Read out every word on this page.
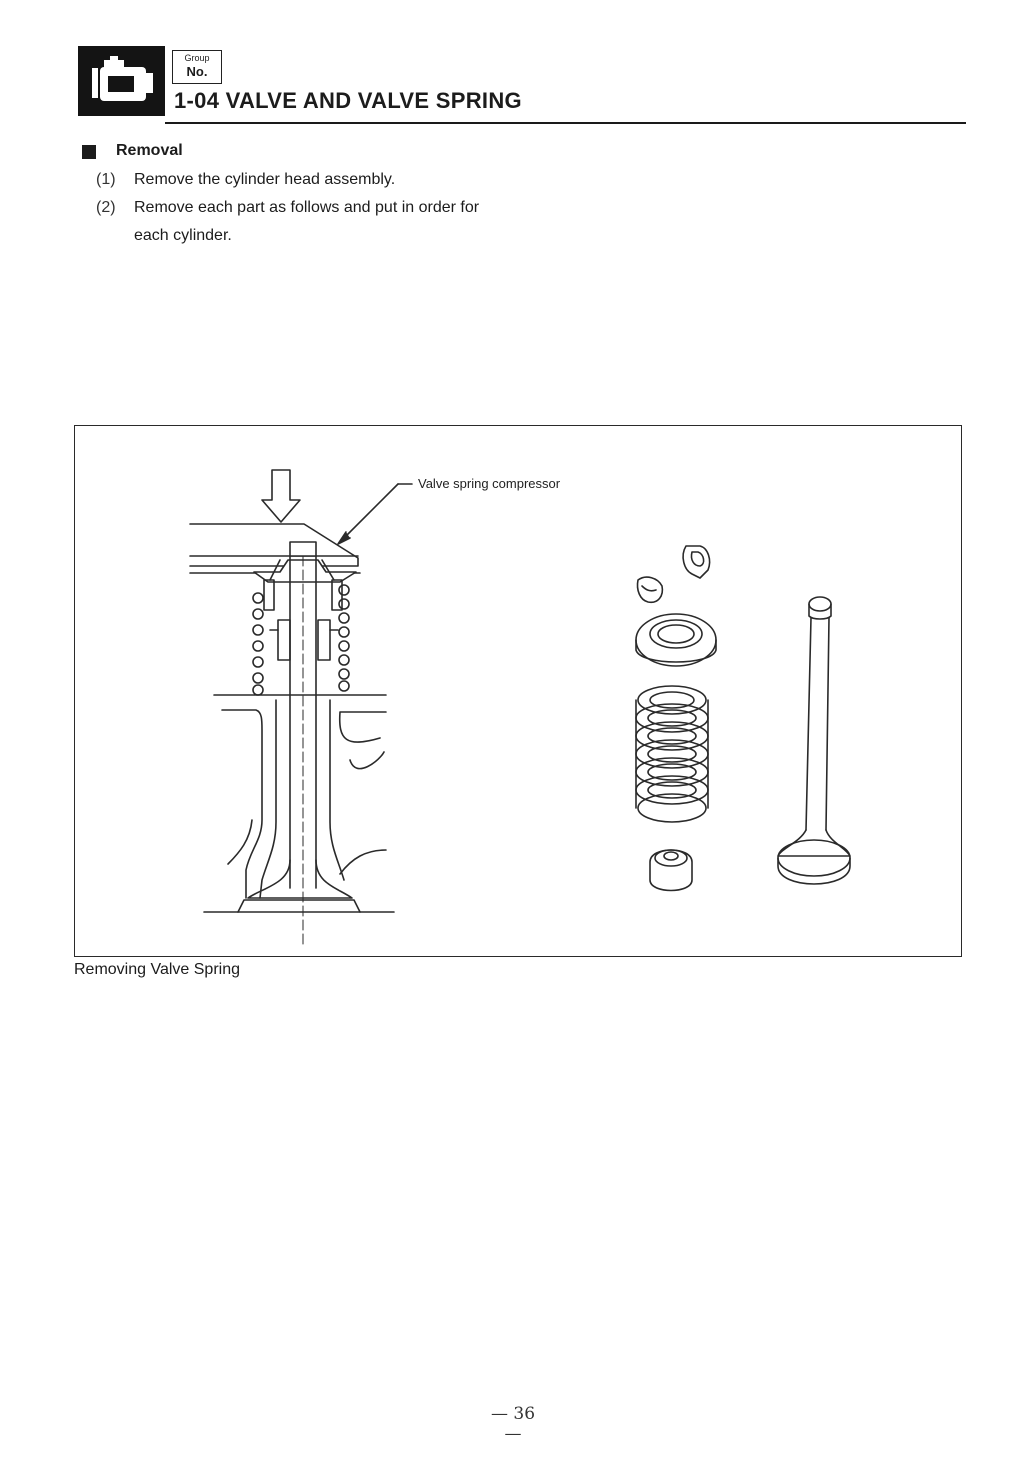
Group
No.
1-04 VALVE AND VALVE SPRING
Removal
(1) Remove the cylinder head assembly.
(2) Remove each part as follows and put in order for each cylinder.
Valve spring compressor
Removing Valve Spring
— 36 —
